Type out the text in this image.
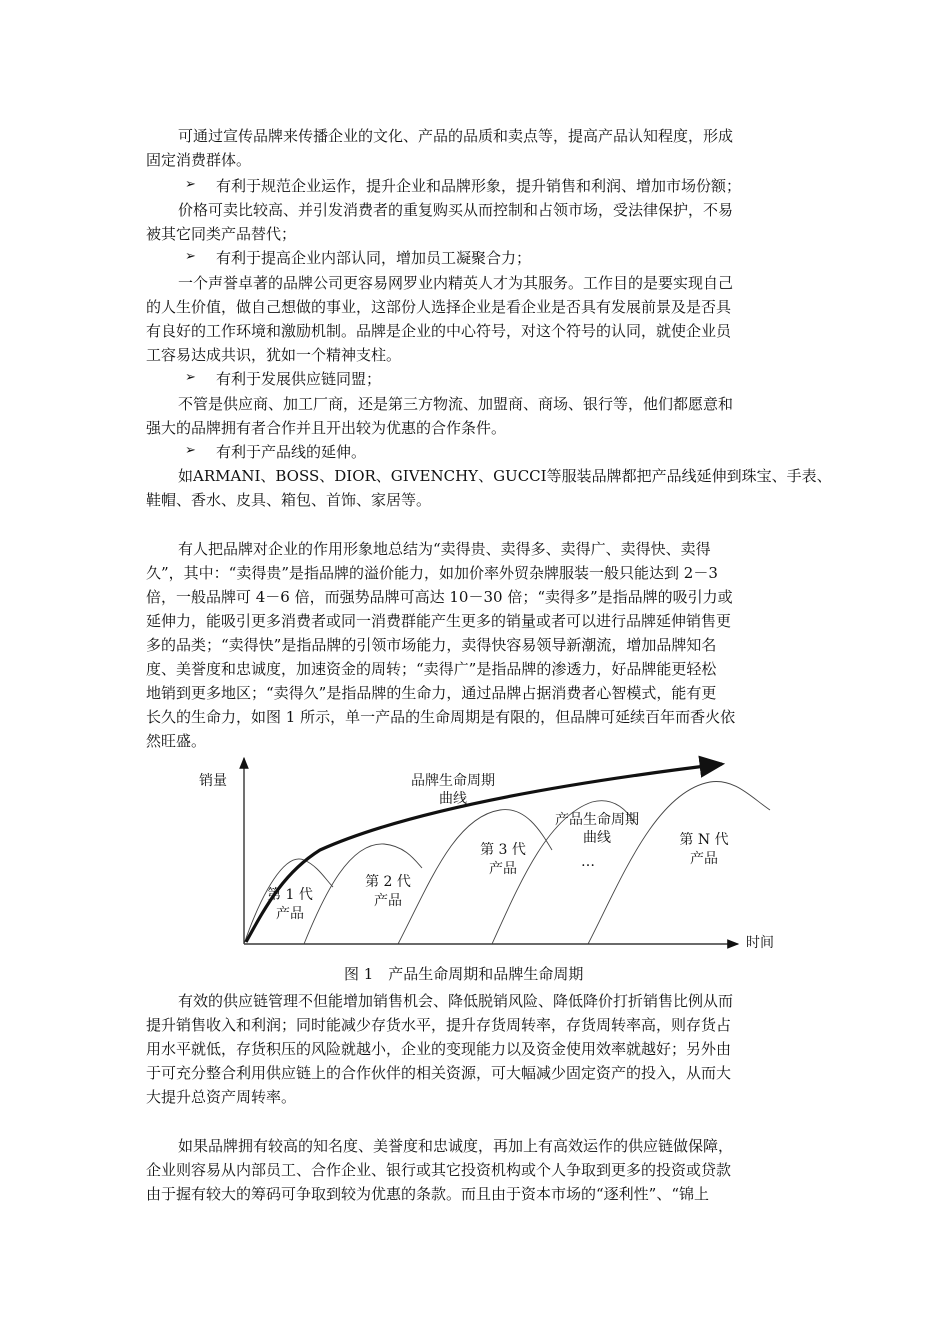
可通过宣传品牌来传播企业的文化、产品的品质和卖点等，提高产品认知程度，形成
固定消费群体。
➢ 有利于规范企业运作，提升企业和品牌形象，提升销售和利润、增加市场份额；
价格可卖比较高、并引发消费者的重复购买从而控制和占领市场，受法律保护，不易
被其它同类产品替代；
➢ 有利于提高企业内部认同，增加员工凝聚合力；
一个声誉卓著的品牌公司更容易网罗业内精英人才为其服务。工作目的是要实现自己
的人生价值，做自己想做的事业，这部份人选择企业是看企业是否具有发展前景及是否具
有良好的工作环境和激励机制。品牌是企业的中心符号，对这个符号的认同，就使企业员
工容易达成共识，犹如一个精神支柱。
➢ 有利于发展供应链同盟；
不管是供应商、加工厂商，还是第三方物流、加盟商、商场、银行等，他们都愿意和
强大的品牌拥有者合作并且开出较为优惠的合作条件。
➢ 有利于产品线的延伸。
如ARMANI、BOSS、DIOR、GIVENCHY、GUCCI等服装品牌都把产品线延伸到珠宝、手表、
鞋帽、香水、皮具、箱包、首饰、家居等。
有人把品牌对企业的作用形象地总结为“卖得贵、卖得多、卖得广、卖得快、卖得
久”，其中：“卖得贵”是指品牌的溢价能力，如加价率外贸杂牌服装一般只能达到 2－3
倍，一般品牌可 4－6 倍，而强势品牌可高达 10－30 倍；“卖得多”是指品牌的吸引力或
延伸力，能吸引更多消费者或同一消费群能产生更多的销量或者可以进行品牌延伸销售更
多的品类；“卖得快”是指品牌的引领市场能力，卖得快容易领导新潮流，增加品牌知名
度、美誉度和忠诚度，加速资金的周转；“卖得广”是指品牌的渗透力，好品牌能更轻松
地销到更多地区；“卖得久”是指品牌的生命力，通过品牌占据消费者心智模式，能有更
长久的生命力，如图 1 所示，单一产品的生命周期是有限的，但品牌可延续百年而香火依
然旺盛。
销量
时间
品牌生命周期
曲线
产品生命周期
曲线
…
第 1 代
产品
第 2 代
产品
第 3 代
产品
第 N 代
产品
图 1　产品生命周期和品牌生命周期
有效的供应链管理不但能增加销售机会、降低脱销风险、降低降价打折销售比例从而
提升销售收入和利润；同时能减少存货水平，提升存货周转率，存货周转率高，则存货占
用水平就低，存货积压的风险就越小，企业的变现能力以及资金使用效率就越好；另外由
于可充分整合利用供应链上的合作伙伴的相关资源，可大幅减少固定资产的投入，从而大
大提升总资产周转率。
如果品牌拥有较高的知名度、美誉度和忠诚度，再加上有高效运作的供应链做保障，
企业则容易从内部员工、合作企业、银行或其它投资机构或个人争取到更多的投资或贷款
由于握有较大的筹码可争取到较为优惠的条款。而且由于资本市场的“逐利性”、“锦上
